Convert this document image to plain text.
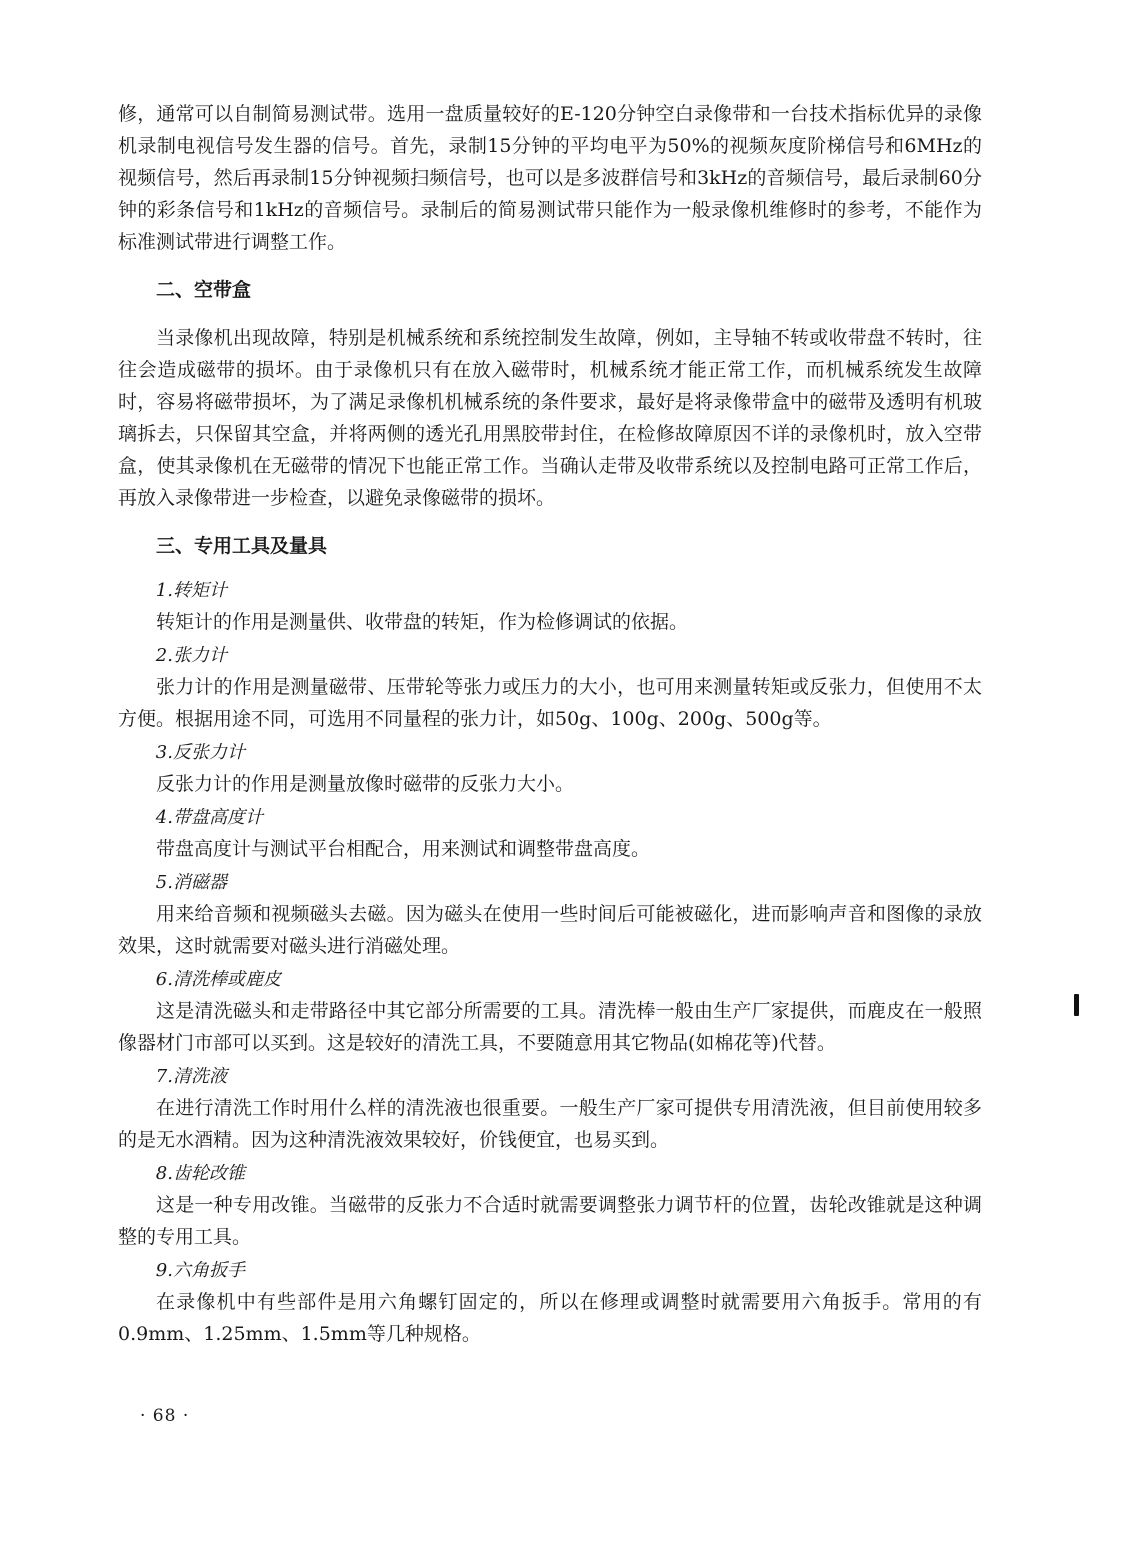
修，通常可以自制简易测试带。选用一盘质量较好的E-120分钟空白录像带和一台技术指标优异的录像机录制电视信号发生器的信号。首先，录制15分钟的平均电平为50%的视频灰度阶梯信号和6MHz的视频信号，然后再录制15分钟视频扫频信号，也可以是多波群信号和3kHz的音频信号，最后录制60分钟的彩条信号和1kHz的音频信号。录制后的简易测试带只能作为一般录像机维修时的参考，不能作为标准测试带进行调整工作。

二、空带盒

当录像机出现故障，特别是机械系统和系统控制发生故障，例如，主导轴不转或收带盘不转时，往往会造成磁带的损坏。由于录像机只有在放入磁带时，机械系统才能正常工作，而机械系统发生故障时，容易将磁带损坏，为了满足录像机机械系统的条件要求，最好是将录像带盒中的磁带及透明有机玻璃拆去，只保留其空盒，并将两侧的透光孔用黑胶带封住，在检修故障原因不详的录像机时，放入空带盒，使其录像机在无磁带的情况下也能正常工作。当确认走带及收带系统以及控制电路可正常工作后，再放入录像带进一步检查，以避免录像磁带的损坏。

三、专用工具及量具
1.转矩计

转矩计的作用是测量供、收带盘的转矩，作为检修调试的依据。

2.张力计

张力计的作用是测量磁带、压带轮等张力或压力的大小，也可用来测量转矩或反张力，但使用不太方便。根据用途不同，可选用不同量程的张力计，如50g、100g、200g、500g等。

3.反张力计

反张力计的作用是测量放像时磁带的反张力大小。

4.带盘高度计

带盘高度计与测试平台相配合，用来测试和调整带盘高度。

5.消磁器

用来给音频和视频磁头去磁。因为磁头在使用一些时间后可能被磁化，进而影响声音和图像的录放效果，这时就需要对磁头进行消磁处理。

6.清洗棒或鹿皮

这是清洗磁头和走带路径中其它部分所需要的工具。清洗棒一般由生产厂家提供，而鹿皮在一般照像器材门市部可以买到。这是较好的清洗工具，不要随意用其它物品(如棉花等)代替。

7.清洗液

在进行清洗工作时用什么样的清洗液也很重要。一般生产厂家可提供专用清洗液，但目前使用较多的是无水酒精。因为这种清洗液效果较好，价钱便宜，也易买到。

8.齿轮改锥

这是一种专用改锥。当磁带的反张力不合适时就需要调整张力调节杆的位置，齿轮改锥就是这种调整的专用工具。

9.六角扳手

在录像机中有些部件是用六角螺钉固定的，所以在修理或调整时就需要用六角扳手。常用的有0.9mm、1.25mm、1.5mm等几种规格。

· 68 ·
